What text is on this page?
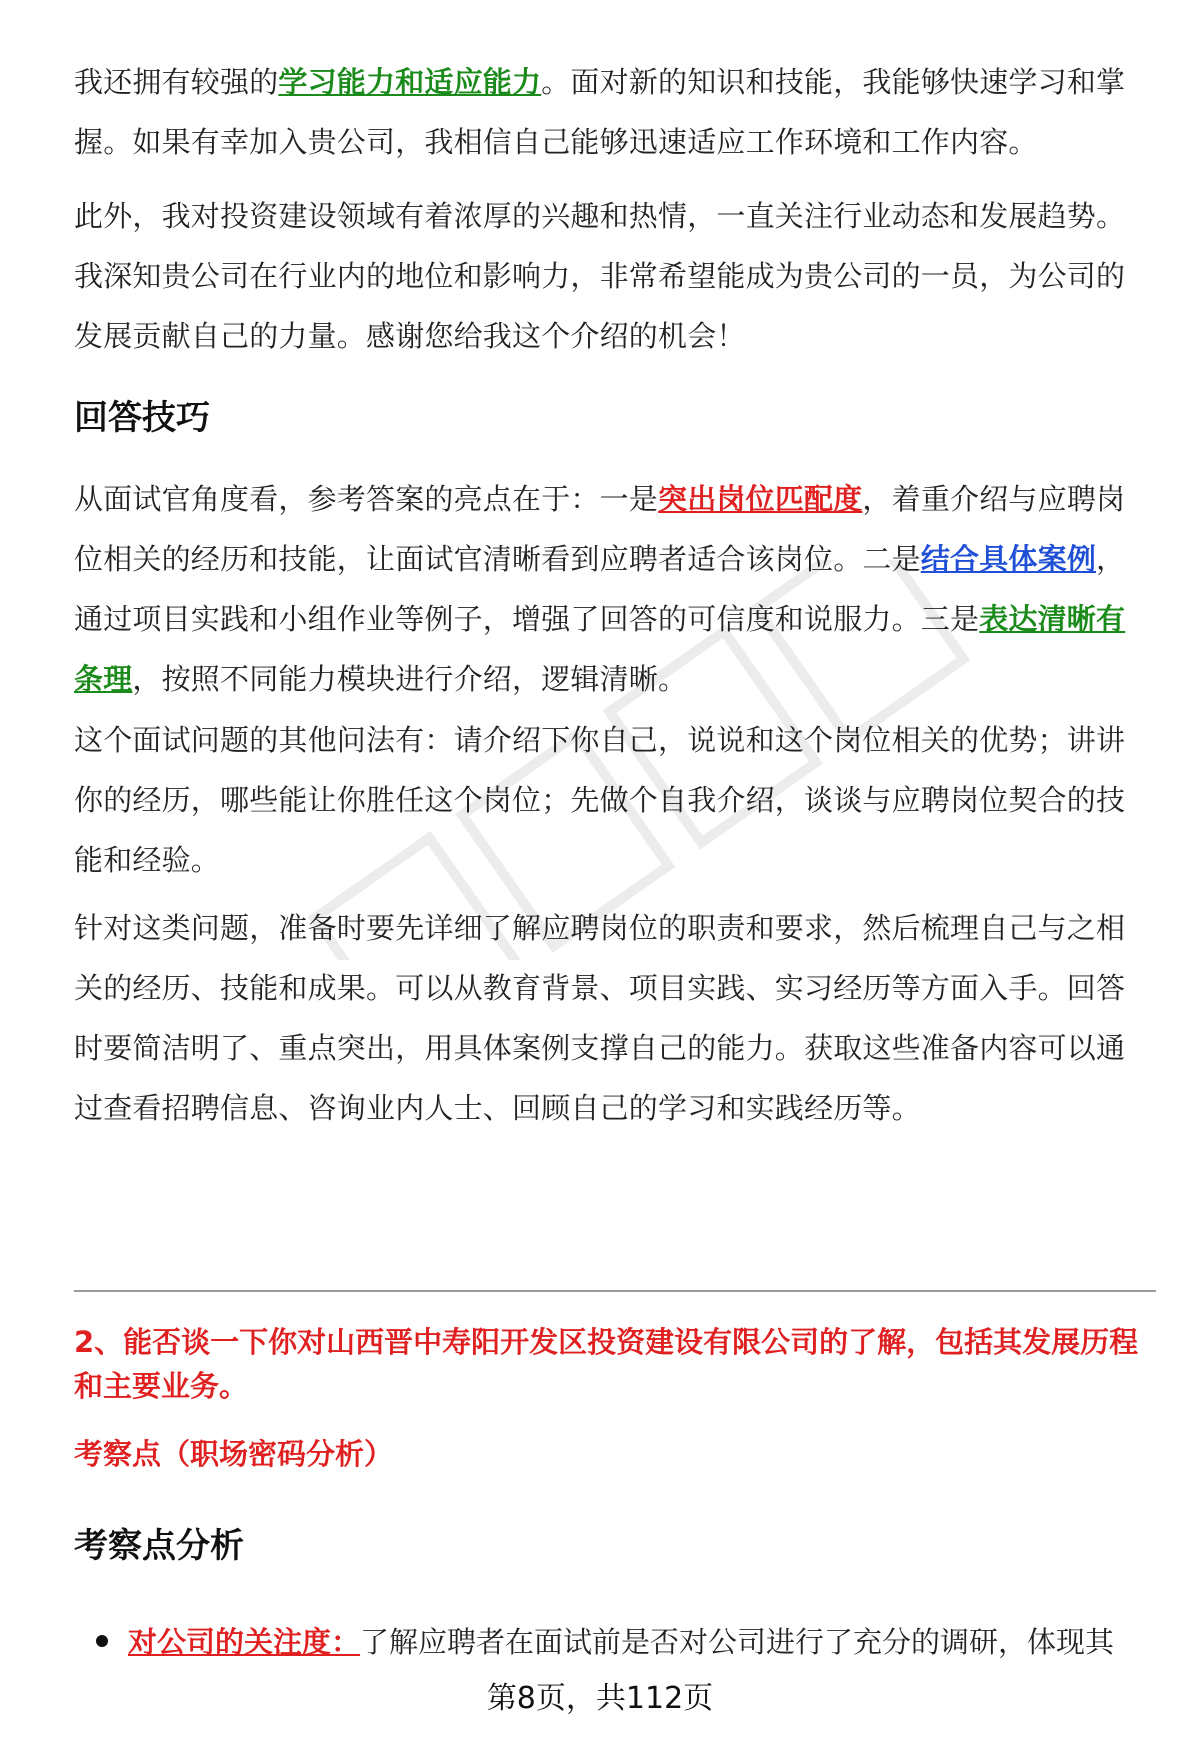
我还拥有较强的学习能力和适应能力。面对新的知识和技能，我能够快速学习和掌握。如果有幸加入贵公司，我相信自己能够迅速适应工作环境和工作内容。

此外，我对投资建设领域有着浓厚的兴趣和热情，一直关注行业动态和发展趋势。我深知贵公司在行业内的地位和影响力，非常希望能成为贵公司的一员，为公司的发展贡献自己的力量。感谢您给我这个介绍的机会！

回答技巧

从面试官角度看，参考答案的亮点在于：一是突出岗位匹配度，着重介绍与应聘岗位相关的经历和技能，让面试官清晰看到应聘者适合该岗位。二是结合具体案例，通过项目实践和小组作业等例子，增强了回答的可信度和说服力。三是表达清晰有条理，按照不同能力模块进行介绍，逻辑清晰。

这个面试问题的其他问法有：请介绍下你自己，说说和这个岗位相关的优势；讲讲你的经历，哪些能让你胜任这个岗位；先做个自我介绍，谈谈与应聘岗位契合的技能和经验。

针对这类问题，准备时要先详细了解应聘岗位的职责和要求，然后梳理自己与之相关的经历、技能和成果。可以从教育背景、项目实践、实习经历等方面入手。回答时要简洁明了、重点突出，用具体案例支撑自己的能力。获取这些准备内容可以通过查看招聘信息、咨询业内人士、回顾自己的学习和实践经历等。

考察点分析
2、能否谈一下你对山西晋中寿阳开发区投资建设有限公司的了解，包括其发展历程和主要业务。
考察点（职场密码分析）
对公司的关注度：了解应聘者在面试前是否对公司进行了充分的调研，体现其
第8页，共112页
